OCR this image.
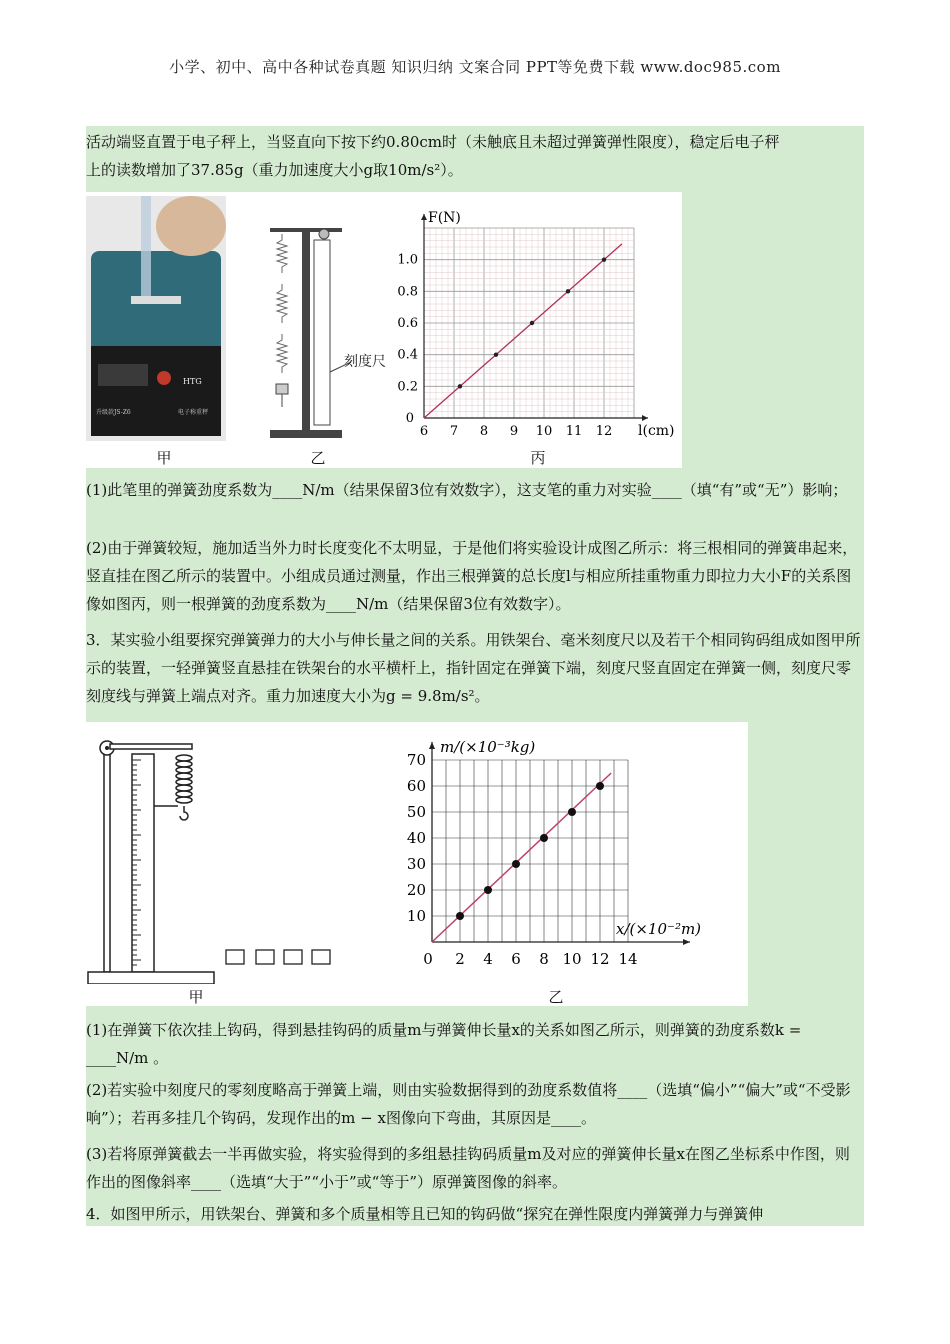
小学、初中、高中各种试卷真题 知识归纳 文案合同 PPT等免费下载 www.doc985.com

活动端竖直置于电子秤上，当竖直向下按下约0.80cm时（未触底且未超过弹簧弹性限度），稳定后电子秤

上的读数增加了37.85g（重力加速度大小g取10m/s²）。

HTG
升级款JS-Z6	电子称重秤
刻度尺
6 7 8 9 10 11 12
0.2
0.4
0.6
0.8
1.0
0
l(cm)
F(N)
甲	乙	丙
(1)此笔里的弹簧劲度系数为____N/m（结果保留3位有效数字），这支笔的重力对实验____（填“有”或“无”）影响；
(2)由于弹簧较短，施加适当外力时长度变化不太明显，于是他们将实验设计成图乙所示：将三根相同的弹簧串起来，竖直挂在图乙所示的装置中。小组成员通过测量，作出三根弹簧的总长度l与相应所挂重物重力即拉力大小F的关系图像如图丙，则一根弹簧的劲度系数为____N/m（结果保留3位有效数字）。
3．某实验小组要探究弹簧弹力的大小与伸长量之间的关系。用铁架台、毫米刻度尺以及若干个相同钩码组成如图甲所示的装置，一轻弹簧竖直悬挂在铁架台的水平横杆上，指针固定在弹簧下端，刻度尺竖直固定在弹簧一侧，刻度尺零刻度线与弹簧上端点对齐。重力加速度大小为g = 9.8m/s²。
0 2 4 6 8 10 12 14
10
20
30
40
50
60
70
x/(×10⁻²m)
m/(×10⁻³kg)
甲	乙
(1)在弹簧下依次挂上钩码，得到悬挂钩码的质量m与弹簧伸长量x的关系如图乙所示，则弹簧的劲度系数k = ____N/m 。
(2)若实验中刻度尺的零刻度略高于弹簧上端，则由实验数据得到的劲度系数值将____（选填“偏小”“偏大”或“不受影响”）；若再多挂几个钩码，发现作出的m − x图像向下弯曲，其原因是____。
(3)若将原弹簧截去一半再做实验，将实验得到的多组悬挂钩码质量m及对应的弹簧伸长量x在图乙坐标系中作图，则作出的图像斜率____（选填“大于”“小于”或“等于”）原弹簧图像的斜率。
4．如图甲所示，用铁架台、弹簧和多个质量相等且已知的钩码做“探究在弹性限度内弹簧弹力与弹簧伸
